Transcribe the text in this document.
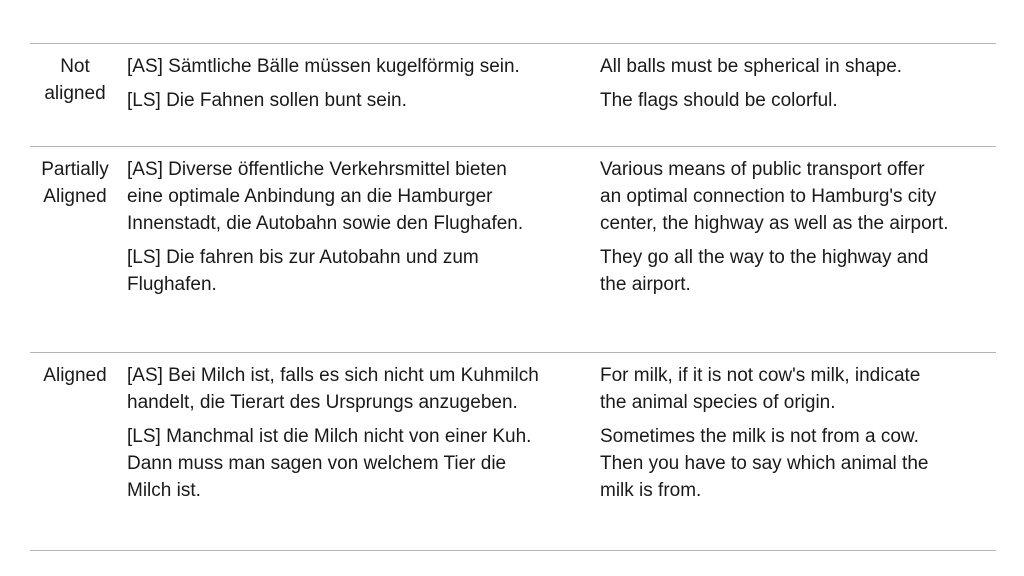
Not
aligned
[AS] Sämtliche Bälle müssen kugelförmig sein.
[LS] Die Fahnen sollen bunt sein.
All balls must be spherical in shape.
The flags should be colorful.
Partially
Aligned
[AS] Diverse öffentliche Verkehrsmittel bieten
eine optimale Anbindung an die Hamburger
Innenstadt, die Autobahn sowie den Flughafen.
[LS] Die fahren bis zur Autobahn und zum
Flughafen.
Various means of public transport offer
an optimal connection to Hamburg's city
center, the highway as well as the airport.
They go all the way to the highway and
the airport.
Aligned	[AS] Bei Milch ist, falls es sich nicht um Kuhmilch
handelt, die Tierart des Ursprungs anzugeben.
[LS] Manchmal ist die Milch nicht von einer Kuh.
Dann muss man sagen von welchem Tier die
Milch ist.
For milk, if it is not cow's milk, indicate
the animal species of origin.
Sometimes the milk is not from a cow.
Then you have to say which animal the
milk is from.
